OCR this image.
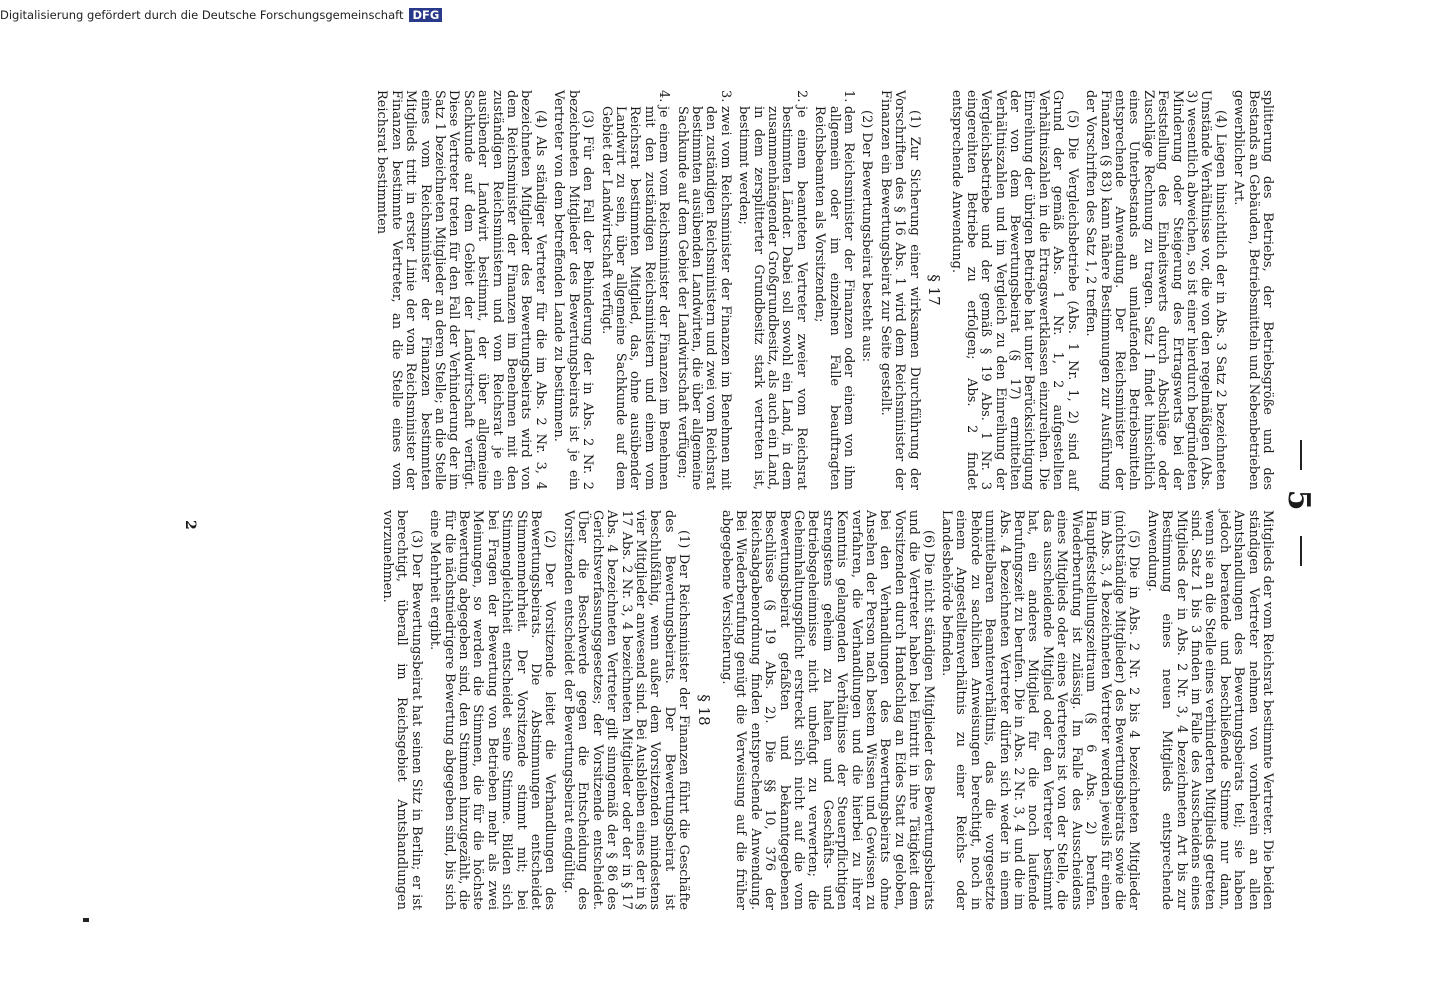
5

splitterung des Betriebs, der Betriebsgröße und des Bestands an Gebäuden, Betriebsmitteln und Nebenbetrieben gewerblicher Art.

(4) Liegen hinsichtlich der in Abs. 3 Satz 2 bezeichneten Umstände Verhältnisse vor, die von den regelmäßigen (Abs. 3) wesentlich abweichen, so ist einer hierdurch begründeten Minderung oder Steigerung des Ertragswerts bei der Feststellung des Einheitswerts durch Abschläge oder Zuschläge Rechnung zu tragen. Satz 1 findet hinsichtlich eines Unterbestands an umlaufenden Betriebsmitteln entsprechende Anwendung. Der Reichsminister der Finanzen (§ 83) kann nähere Bestimmungen zur Ausführung der Vorschriften des Satz 1, 2 treffen.

(5) Die Vergleichsbetriebe (Abs. 1 Nr. 1, 2) sind auf Grund der gemäß Abs. 1 Nr. 1, 2 aufgestellten Verhältniszahlen in die Ertragswertklassen einzureihen. Die Einreihung der übrigen Betriebe hat unter Berücksichtigung der von dem Bewertungsbeirat (§ 17) ermittelten Verhältniszahlen und im Vergleich zu den Einreihung der Vergleichsbetriebe und der gemäß § 19 Abs. 1 Nr. 3 eingereihten Betriebe zu erfolgen; Abs. 2 findet entsprechende Anwendung.

§ 17

(1) Zur Sicherung einer wirksamen Durchführung der Vorschriften des § 16 Abs. 1 wird dem Reichsminister der Finanzen ein Bewertungsbeirat zur Seite gestellt.

(2) Der Bewertungsbeirat besteht aus:

1.
dem Reichsminister der Finanzen oder einem von ihm allgemein oder im einzelnen Falle beauftragten Reichsbeamten als Vorsitzenden;

2.
je einem beamteten Vertreter zweier vom Reichsrat bestimmten Länder. Dabei soll sowohl ein Land, in dem zusammenhängender Großgrundbesitz, als auch ein Land, in dem zersplitterter Grundbesitz stark vertreten ist, bestimmt werden;

3.
zwei vom Reichsminister der Finanzen im Benehmen mit den zuständigen Reichsministern und zwei vom Reichsrat bestimmten ausübenden Landwirten, die über allgemeine Sachkunde auf dem Gebiet der Landwirtschaft verfügen;

4.
je einem vom Reichsminister der Finanzen im Benehmen mit den zuständigen Reichsministern und einem vom Reichsrat bestimmten Mitglied, das, ohne ausübender Landwirt zu sein, über allgemeine Sachkunde auf dem Gebiet der Landwirtschaft verfügt.

(3) Für den Fall der Behinderung der in Abs. 2 Nr. 2 bezeichneten Mitglieder des Bewertungsbeirats ist je ein Vertreter von dem betreffenden Lande zu bestimmen.

(4) Als ständiger Vertreter für die im Abs. 2 Nr. 3, 4 bezeichneten Mitglieder des Bewertungsbeirats wird von dem Reichsminister der Finanzen im Benehmen mit den zuständigen Reichsministern und vom Reichsrat je ein ausübender Landwirt bestimmt, der über allgemeine Sachkunde auf dem Gebiet der Landwirtschaft verfügt. Diese Vertreter treten für den Fall der Verhinderung der im Satz 1 bezeichneten Mitglieder an deren Stelle; an die Stelle eines vom Reichsminister der Finanzen bestimmten Mitglieds tritt in erster Linie der vom Reichsminister der Finanzen bestimmte Vertreter, an die Stelle eines vom Reichsrat bestimmten

Mitglieds der vom Reichsrat bestimmte Vertreter. Die beiden ständigen Vertreter nehmen von vornherein an allen Amtshandlungen des Bewertungsbeirats teil; sie haben jedoch beratende und beschließende Stimme nur dann, wenn sie an die Stelle eines verhinderten Mitglieds getreten sind. Satz 1 bis 3 finden im Falle des Ausscheidens eines Mitglieds der in Abs. 2 Nr. 3, 4 bezeichneten Art bis zur Bestimmung eines neuen Mitglieds entsprechende Anwendung.

(5) Die in Abs. 2 Nr. 2 bis 4 bezeichneten Mitglieder (nichtständige Mitglieder) des Bewertungsbeirats sowie die im Abs. 3, 4 bezeichneten Vertreter werden jeweils für einen Hauptfeststellungszeitraum (§ 6 Abs. 2) berufen. Wiederberufung ist zulässig. Im Falle des Ausscheidens eines Mitglieds oder eines Vertreters ist von der Stelle, die das ausscheidende Mitglied oder den Vertreter bestimmt hat, ein anderes Mitglied für die noch laufende Berufungszeit zu berufen. Die in Abs. 2 Nr. 3, 4 und die im Abs. 4 bezeichneten Vertreter dürfen sich weder in einem unmittelbaren Beamtenverhältnis, das die vorgesetzte Behörde zu sachlichen Anweisungen berechtigt, noch in einem Angestelltenverhältnis zu einer Reichs- oder Landesbehörde befinden.

(6) Die nicht ständigen Mitglieder des Bewertungsbeirats und die Vertreter haben bei Eintritt in ihre Tätigkeit dem Vorsitzenden durch Handschlag an Eides Statt zu geloben, bei den Verhandlungen des Bewertungsbeirats ohne Ansehen der Person nach bestem Wissen und Gewissen zu verfahren, die Verhandlungen und die hierbei zu ihrer Kenntnis gelangenden Verhältnisse der Steuerpflichtigen strengstens geheim zu halten und Geschäfts- und Betriebsgeheimnisse nicht unbefugt zu verwerten; die Geheimhaltungspflicht erstreckt sich nicht auf die vom Bewertungsbeirat gefaßten und bekanntgegebenen Beschlüsse (§ 19 Abs. 2). Die §§ 10, 376 der Reichsabgabenordnung finden entsprechende Anwendung. Bei Wiederberufung genügt die Verweisung auf die früher abgegebene Versicherung.

§ 18

(1) Der Reichsminister der Finanzen führt die Geschäfte des Bewertungsbeirats. Der Bewertungsbeirat ist beschlußfähig, wenn außer dem Vorsitzenden mindestens vier Mitglieder anwesend sind. Bei Ausbleiben eines der in § 17 Abs. 2 Nr. 3, 4 bezeichneten Mitglieder oder der in § 17 Abs. 4 bezeichneten Vertreter gilt sinngemäß der § 86 des Gerichtsverfassungsgesetzes; der Vorsitzende entscheidet. Über die Beschwerde gegen die Entscheidung des Vorsitzenden entscheidet der Bewertungsbeirat endgültig.

(2) Der Vorsitzende leitet die Verhandlungen des Bewertungsbeirats. Die Abstimmungen entscheidet Stimmenmehrheit. Der Vorsitzende stimmt mit; bei Stimmengleichheit entscheidet seine Stimme. Bilden sich bei Fragen der Bewertung von Betrieben mehr als zwei Meinungen, so werden die Stimmen, die für die höchste Bewertung abgegeben sind, den Stimmen hinzugezählt, die für die nächstniedrigere Bewertung abgegeben sind, bis sich eine Mehrheit ergibt.

(3) Der Bewertungsbeirat hat seinen Sitz in Berlin; er ist berechtigt, überall im Reichsgebiet Amtshandlungen vorzunehmen.

2
Digitalisierung gefördert durch die Deutsche Forschungsgemeinschaft DFG
